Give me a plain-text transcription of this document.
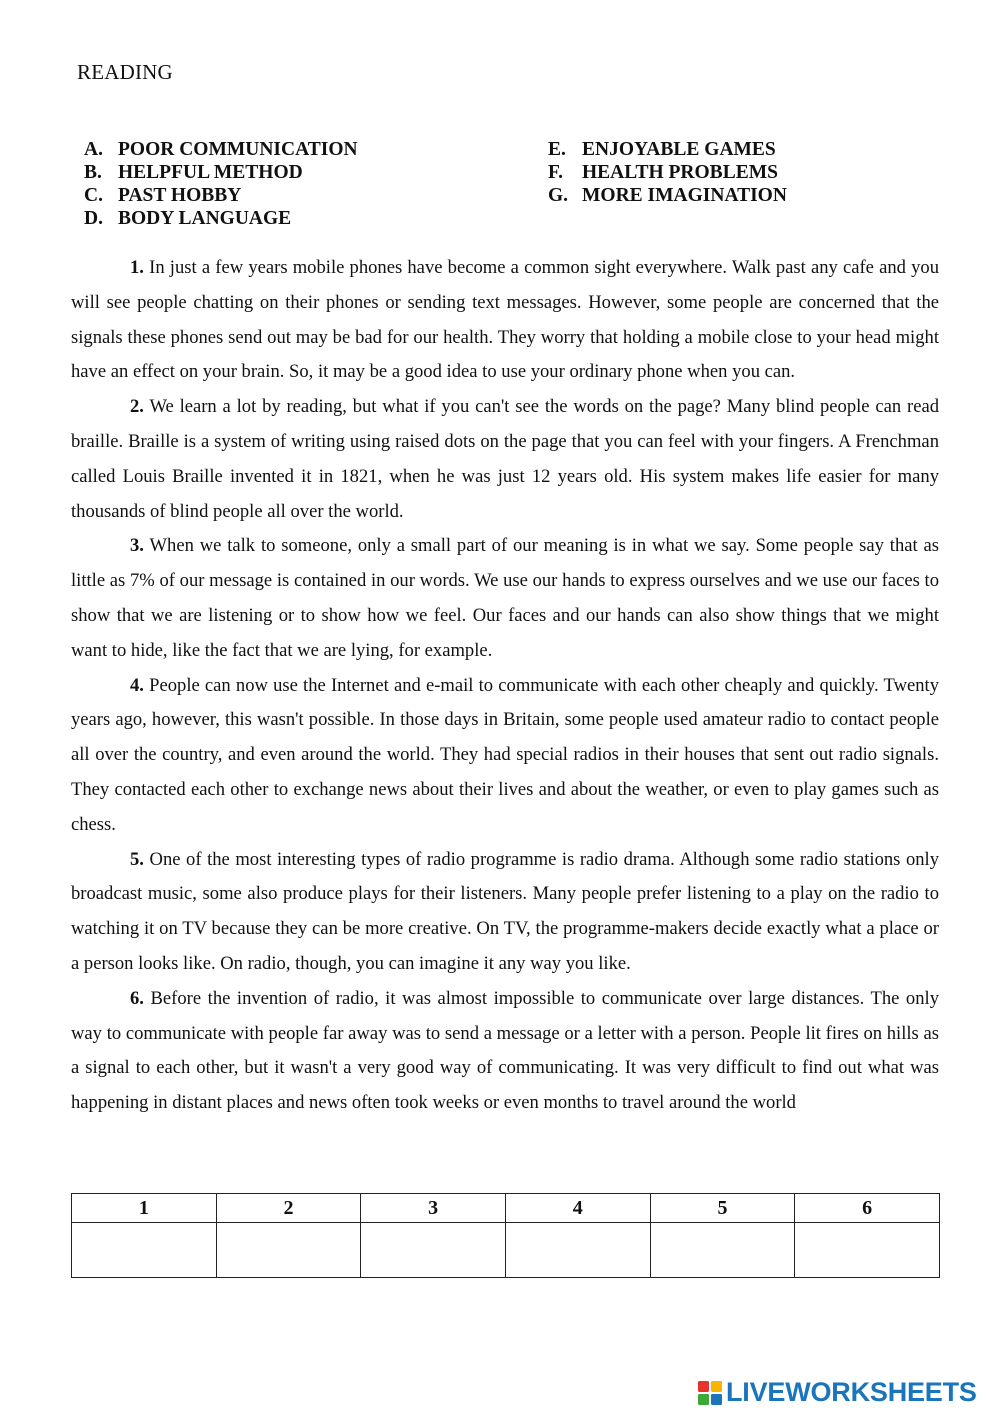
READING
A. POOR COMMUNICATION
B. HELPFUL METHOD
C. PAST HOBBY
D. BODY LANGUAGE
E. ENJOYABLE GAMES
F. HEALTH PROBLEMS
G. MORE IMAGINATION

1. In just a few years mobile phones have become a common sight everywhere. Walk past any cafe and you will see people chatting on their phones or sending text messages. However, some people are concerned that the signals these phones send out may be bad for our health. They worry that holding a mobile close to your head might have an effect on your brain. So, it may be a good idea to use your ordinary phone when you can.

2. We learn a lot by reading, but what if you can't see the words on the page? Many blind people can read braille. Braille is a system of writing using raised dots on the page that you can feel with your fingers. A Frenchman called Louis Braille invented it in 1821, when he was just 12 years old. His system makes life easier for many thousands of blind people all over the world.

3. When we talk to someone, only a small part of our meaning is in what we say. Some people say that as little as 7% of our message is contained in our words. We use our hands to express ourselves and we use our faces to show that we are listening or to show how we feel. Our faces and our hands can also show things that we might want to hide, like the fact that we are lying, for example.

4. People can now use the Internet and e-mail to communicate with each other cheaply and quickly. Twenty years ago, however, this wasn't possible. In those days in Britain, some people used amateur radio to contact people all over the country, and even around the world. They had special radios in their houses that sent out radio signals. They contacted each other to exchange news about their lives and about the weather, or even to play games such as chess.

5. One of the most interesting types of radio programme is radio drama. Although some radio stations only broadcast music, some also produce plays for their listeners. Many people prefer listening to a play on the radio to watching it on TV because they can be more creative. On TV, the programme-makers decide exactly what a place or a person looks like. On radio, though, you can imagine it any way you like.

6. Before the invention of radio, it was almost impossible to communicate over large distances. The only way to communicate with people far away was to send a message or a letter with a person. People lit fires on hills as a signal to each other, but it wasn't a very good way of communicating. It was very difficult to find out what was happening in distant places and news often took weeks or even months to travel around the world

1	2	3	4	5	6

LIVEWORKSHEETS
